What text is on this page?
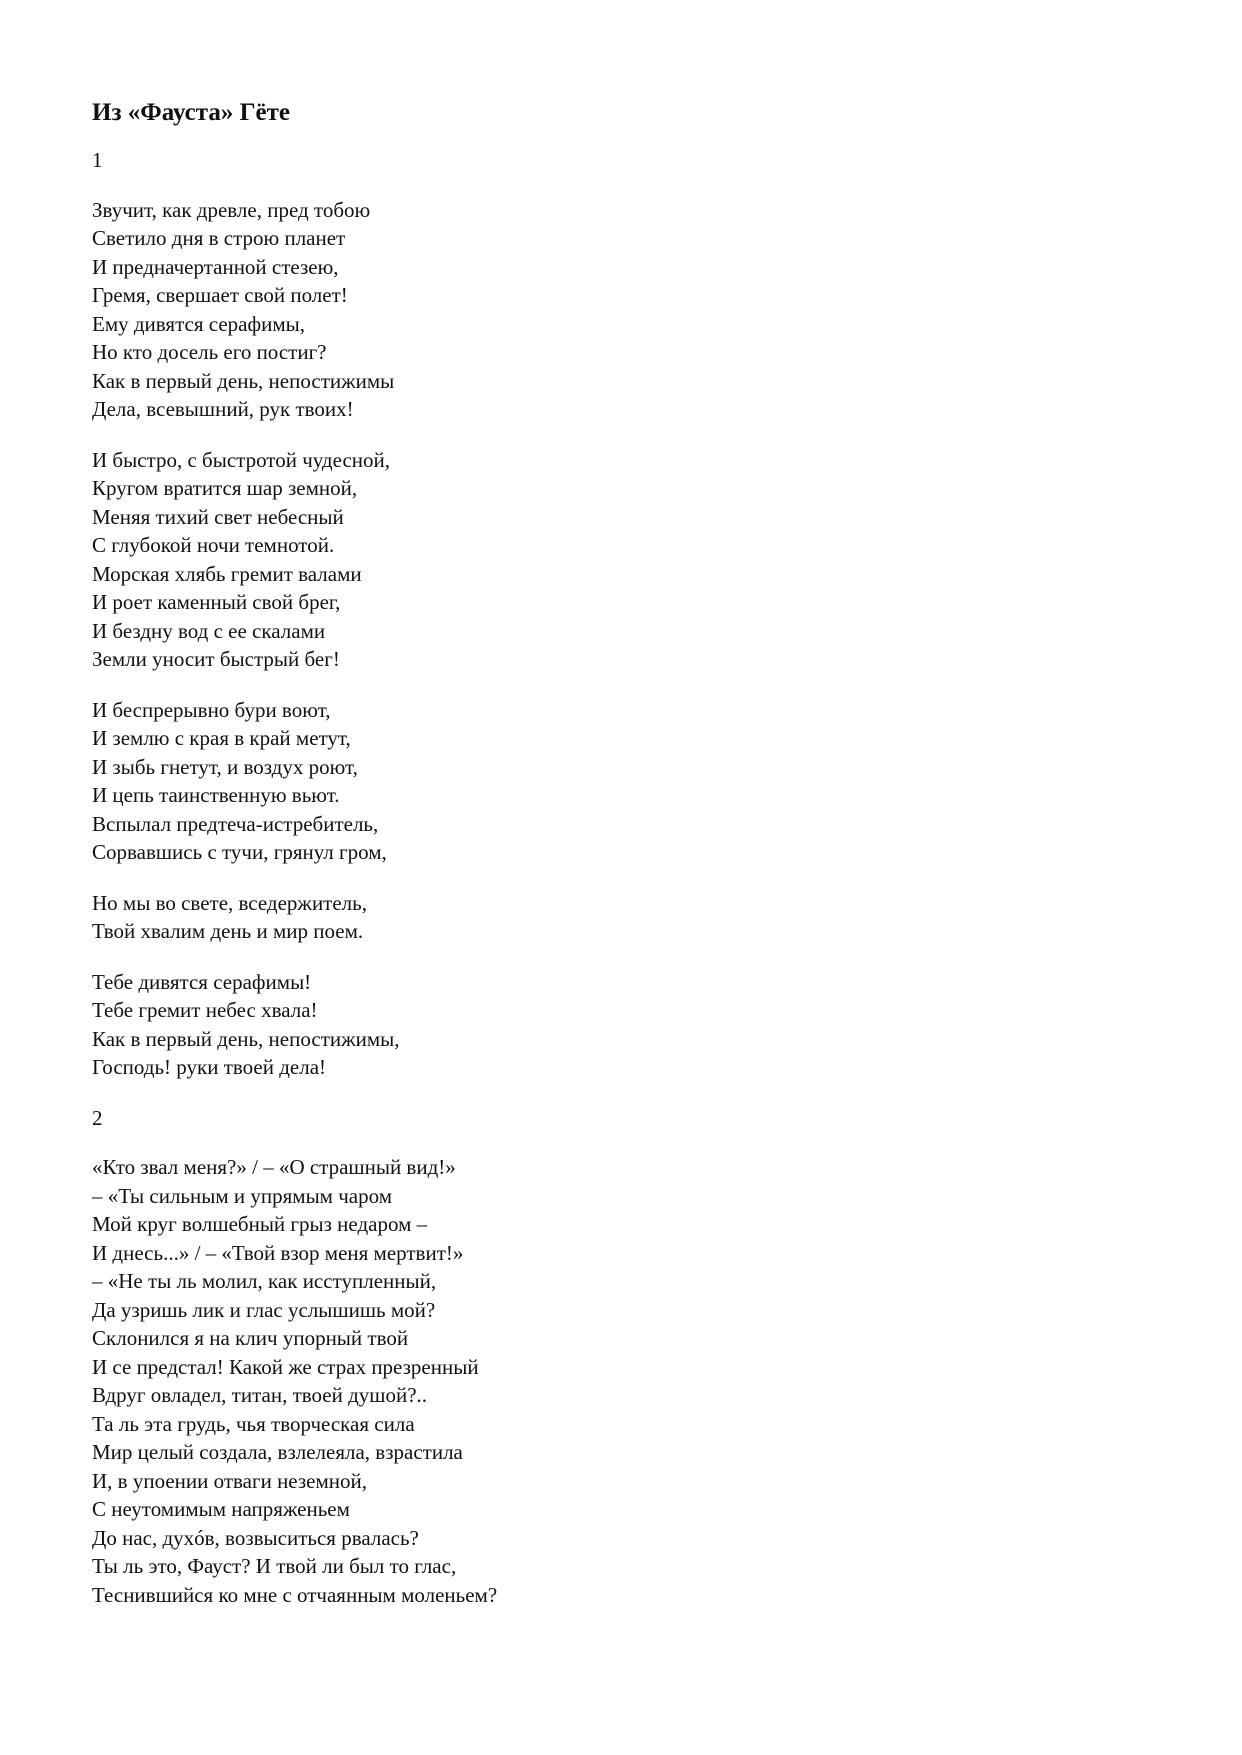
Из «Фауста» Гёте
1
Звучит, как древле, пред тобою
Светило дня в строю планет
И предначертанной стезею,
Гремя, свершает свой полет!
Ему дивятся серафимы,
Но кто досель его постиг?
Как в первый день, непостижимы
Дела, всевышний, рук твоих!
И быстро, с быстротой чудесной,
Кругом вратится шар земной,
Меняя тихий свет небесный
С глубокой ночи темнотой.
Морская хлябь гремит валами
И роет каменный свой брег,
И бездну вод с ее скалами
Земли уносит быстрый бег!
И беспрерывно бури воют,
И землю с края в край метут,
И зыбь гнетут, и воздух роют,
И цепь таинственную вьют.
Вспылал предтеча-истребитель,
Сорвавшись с тучи, грянул гром,
Но мы во свете, вседержитель,
Твой хвалим день и мир поем.
Тебе дивятся серафимы!
Тебе гремит небес хвала!
Как в первый день, непостижимы,
Господь! руки твоей дела!
2
«Кто звал меня?» / – «О страшный вид!»
– «Ты сильным и упрямым чаром
Мой круг волшебный грыз недаром –
И днесь...» / – «Твой взор меня мертвит!»
– «Не ты ль молил, как исступленный,
Да узришь лик и глас услышишь мой?
Склонился я на клич упорный твой
И се предстал! Какой же страх презренный
Вдруг овладел, титан, твоей душой?..
Та ль эта грудь, чья творческая сила
Мир целый создала, взлелеяла, взрастила
И, в упоении отваги неземной,
С неутомимым напряженьем
До нас, духóв, возвыситься рвалась?
Ты ль это, Фауст? И твой ли был то глас,
Теснившийся ко мне с отчаянным моленьем?
